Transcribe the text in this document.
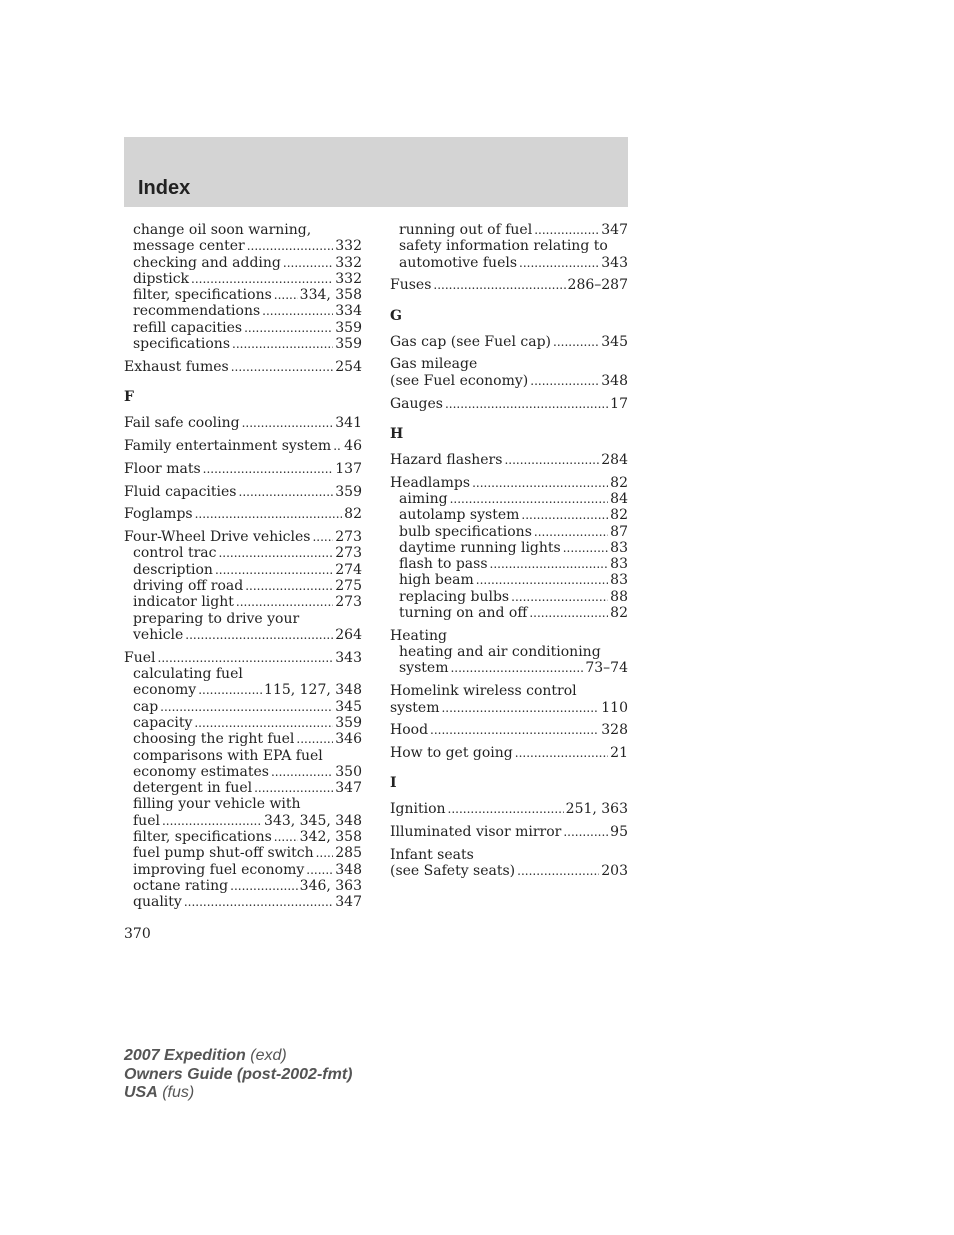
Index
change oil soon warning,
message center .....	332
checking and adding .....	332
dipstick .....	332
filter, specifications ..... 334, 358
recommendations .....	334
refill capacities .....	359
specifications .....	359
Exhaust fumes .....	254
F
Fail safe cooling .....	341
Family entertainment system ..... 46
Floor mats .....	137
Fluid capacities .....	359
Foglamps .....	82
Four-Wheel Drive vehicles ..... 273
control trac .....	273
description .....	274
driving off road .....	275
indicator light .....	273
preparing to drive your
vehicle .....	264
Fuel .....	343
calculating fuel
economy .....	115, 127, 348
cap .....	345
capacity .....	359
choosing the right fuel .....	346
comparisons with EPA fuel
economy estimates .....	350
detergent in fuel .....	347
filling your vehicle with
fuel .....	343, 345, 348
filter, specifications ..... 342, 358
fuel pump shut-off switch ..... 285
improving fuel economy ..... 348
octane rating .....	346, 363
quality .....	347
running out of fuel .....	347
safety information relating to
automotive fuels .....	343
Fuses .....	286–287
G
Gas cap (see Fuel cap) .....	345
Gas mileage
(see Fuel economy) .....	348
Gauges .....	17
H
Hazard flashers .....	284
Headlamps .....	82
aiming .....	84
autolamp system .....	82
bulb specifications .....	87
daytime running lights .....	83
flash to pass .....	83
high beam .....	83
replacing bulbs .....	88
turning on and off .....	82
Heating
heating and air conditioning
system .....	73–74
Homelink wireless control
system .....	110
Hood .....	328
How to get going .....	21
I
Ignition .....	251, 363
Illuminated visor mirror .....	95
Infant seats
(see Safety seats) .....	203
370
2007 Expedition (exd)
Owners Guide (post-2002-fmt)
USA (fus)
